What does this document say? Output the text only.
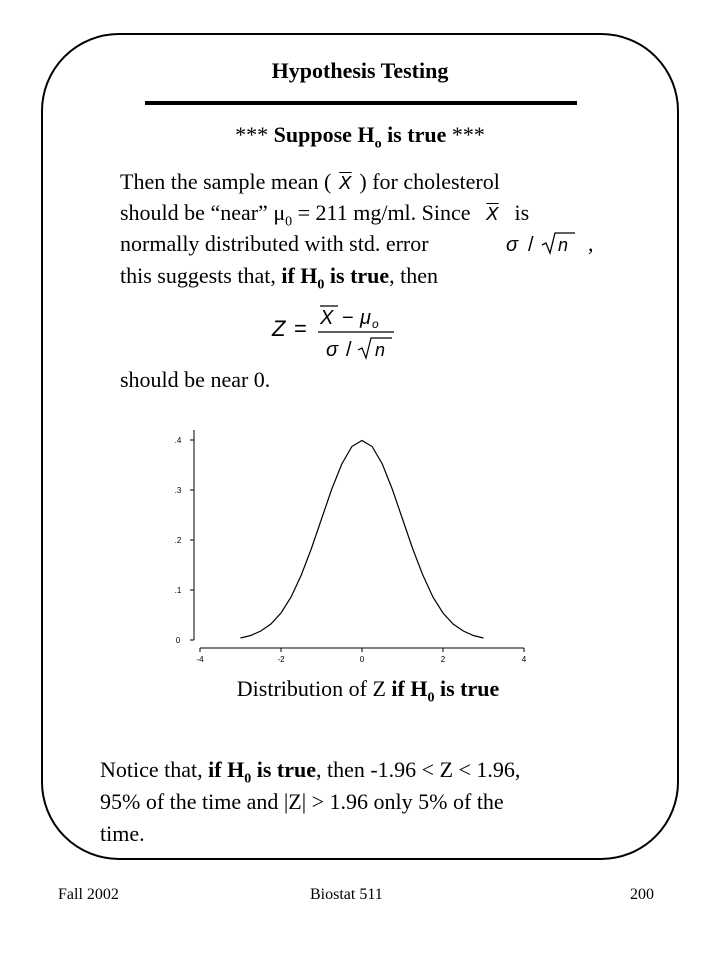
Hypothesis Testing
*** Suppose $H_o$ is true ***
Then the sample mean ( $\overline{X}$ ) for cholesterol
should be “near” $\mu_0 = 211$ mg/ml. Since $\overline{X}$ is
normally distributed with std. error	σ / n ,
this suggests that, if $H_0$ is true, then
Z = X − μ o
σ / n
should be near 0.
0
.1
.2
.3
.4
-4	-2	0	2	4
Distribution of Z if $H_0$ is true
Notice that, if $H_0$ is true, then -1.96 < Z < 1.96,
95% of the time and |Z| > 1.96 only 5% of the
time.
Fall 2002	Biostat 511	200
